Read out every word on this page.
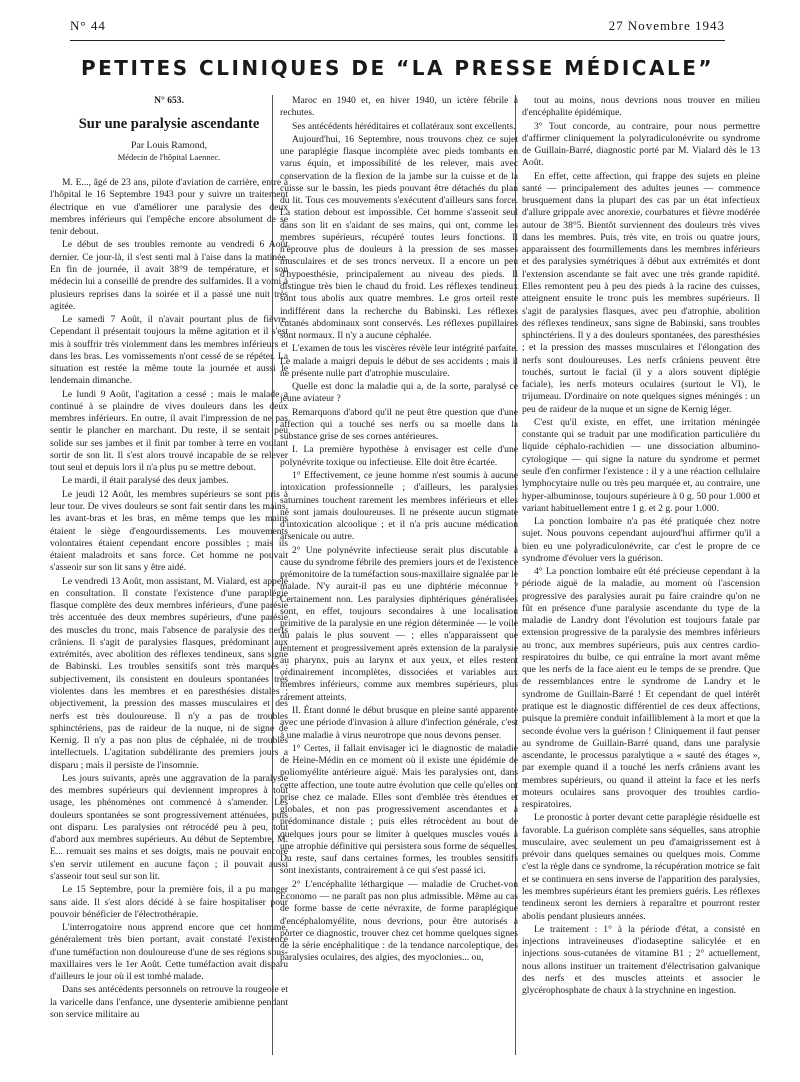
N° 44	27 Novembre 1943
PETITES CLINIQUES DE “LA PRESSE MÉDICALE”
N° 653.
Sur une paralysie ascendante
Par Louis Ramond,
Médecin de l'hôpital Laennec.

M. E..., âgé de 23 ans, pilote d'aviation de carrière, entre à l'hôpital le 16 Septembre 1943 pour y suivre un traitement électrique en vue d'améliorer une paralysie des deux membres inférieurs qui l'empêche encore absolument de se tenir debout.

Le début de ses troubles remonte au vendredi 6 Août dernier. Ce jour-là, il s'est senti mal à l'aise dans la matinée. En fin de journée, il avait 38°9 de température, et son médecin lui a conseillé de prendre des sulfamides. Il a vomi à plusieurs reprises dans la soirée et il a passé une nuit très agitée.

Le samedi 7 Août, il n'avait pourtant plus de fièvre. Cependant il présentait toujours la même agitation et il s'est mis à souffrir très violemment dans les membres inférieurs et dans les bras. Les vomissements n'ont cessé de se répéter. La situation est restée la même toute la journée et aussi le lendemain dimanche.

Le lundi 9 Août, l'agitation a cessé ; mais le malade a continué à se plaindre de vives douleurs dans les deux membres inférieurs. En outre, il avait l'impression de ne pas sentir le plancher en marchant. Du reste, il se sentait peu solide sur ses jambes et il finit par tomber à terre en voulant sortir de son lit. Il s'est alors trouvé incapable de se relever tout seul et depuis lors il n'a plus pu se mettre debout.

Le mardi, il était paralysé des deux jambes.

Le jeudi 12 Août, les membres supérieurs se sont pris à leur tour. De vives douleurs se sont fait sentir dans les mains, les avant-bras et les bras, en même temps que les mains étaient le siège d'engourdissements. Les mouvements volontaires étaient cependant encore possibles ; mais ils étaient maladroits et sans force. Cet homme ne pouvait s'asseoir sur son lit sans y être aidé.

Le vendredi 13 Août, mon assistant, M. Vialard, est appelé en consultation. Il constate l'existence d'une paraplégie flasque complète des deux membres inférieurs, d'une parésie très accentuée des deux membres supérieurs, d'une parésie des muscles du tronc, mais l'absence de paralysie des nerfs crâniens. Il s'agit de paralysies flasques, prédominant aux extrémités, avec abolition des réflexes tendineux, sans signe de Babinski. Les troubles sensitifs sont très marqués : subjectivement, ils consistent en douleurs spontanées très violentes dans les membres et en paresthésies distales ; objectivement, la pression des masses musculaires et des nerfs est très douloureuse. Il n'y a pas de troubles sphinctériens, pas de raideur de la nuque, ni de signe de Kernig. Il n'y a pas non plus de céphalée, ni de troubles intellectuels. L'agitation subdélirante des premiers jours a disparu ; mais il persiste de l'insomnie.

Les jours suivants, après une aggravation de la paralysie des membres supérieurs qui deviennent impropres à tout usage, les phénomènes ont commencé à s'amender. Les douleurs spontanées se sont progressivement atténuées, puis ont disparu. Les paralysies ont rétrocédé peu à peu, tout d'abord aux membres supérieurs. Au début de Septembre, M. E... remuait ses mains et ses doigts, mais ne pouvait encore s'en servir utilement en aucune façon ; il pouvait aussi s'asseoir tout seul sur son lit.

Le 15 Septembre, pour la première fois, il a pu manger sans aide. Il s'est alors décidé à se faire hospitaliser pour pouvoir bénéficier de l'électrothérapie.

L'interrogatoire nous apprend encore que cet homme, généralement très bien portant, avait constaté l'existence d'une tuméfaction non douloureuse d'une de ses régions sous-maxillaires vers le 1er Août. Cette tuméfaction avait disparu d'ailleurs le jour où il est tombé malade.

Dans ses antécédents personnels on retrouve la rougeole et la varicelle dans l'enfance, une dysenterie amibienne pendant son service militaire au

Maroc en 1940 et, en hiver 1940, un ictère fébrile à rechutes.

Ses antécédents héréditaires et collatéraux sont excellents.

Aujourd'hui, 16 Septembre, nous trouvons chez ce sujet une paraplégie flasque incomplète avec pieds tombants en varus équin, et impossibilité de les relever, mais avec conservation de la flexion de la jambe sur la cuisse et de la cuisse sur le bassin, les pieds pouvant être détachés du plan du lit. Tous ces mouvements s'exécutent d'ailleurs sans force. La station debout est impossible. Cet homme s'asseoit seul dans son lit en s'aidant de ses mains, qui ont, comme les membres supérieurs, récupéré toutes leurs fonctions. Il n'éprouve plus de douleurs à la pression de ses masses musculaires et de ses troncs nerveux. Il a encore un peu d'hypoesthésie, principalement au niveau des pieds. Il distingue très bien le chaud du froid. Les réflexes tendineux sont tous abolis aux quatre membres. Le gros orteil reste indifférent dans la recherche du Babinski. Les réflexes cutanés abdominaux sont conservés. Les réflexes pupillaires sont normaux. Il n'y a aucune céphalée.

L'examen de tous les viscères révèle leur intégrité parfaite. Le malade a maigri depuis le début de ses accidents ; mais il ne présente nulle part d'atrophie musculaire.

Quelle est donc la maladie qui a, de la sorte, paralysé ce jeune aviateur ?

Remarquons d'abord qu'il ne peut être question que d'une affection qui a touché ses nerfs ou sa moelle dans la substance grise de ses cornes antérieures.

I. La première hypothèse à envisager est celle d'une polynévrite toxique ou infectieuse. Elle doit être écartée.

1° Effectivement, ce jeune homme n'est soumis à aucune intoxication professionnelle ; d'ailleurs, les paralysies saturnines touchent rarement les membres inférieurs et elles ne sont jamais douloureuses. Il ne présente aucun stigmate d'intoxication alcoolique ; et il n'a pris aucune médication arsenicale ou autre.

2° Une polynévrite infectieuse serait plus discutable à cause du syndrome fébrile des premiers jours et de l'existence prémonitoire de la tuméfaction sous-maxillaire signalée par le malade. N'y aurait-il pas eu une diphtérie méconnue ? Certainement non. Les paralysies diphtériques généralisées sont, en effet, toujours secondaires à une localisation primitive de la paralysie en une région déterminée — le voile du palais le plus souvent — ; elles n'apparaissent que lentement et progressivement après extension de la paralysie au pharynx, puis au larynx et aux yeux, et elles restent ordinairement incomplètes, dissociées et variables aux membres inférieurs, comme aux membres supérieurs, plus rarement atteints.

II. Étant donné le début brusque en pleine santé apparente avec une période d'invasion à allure d'infection générale, c'est à une maladie à virus neurotrope que nous devons penser.

1° Certes, il fallait envisager ici le diagnostic de maladie de Heine-Médin en ce moment où il existe une épidémie de poliomyélite antérieure aiguë. Mais les paralysies ont, dans cette affection, une toute autre évolution que celle qu'elles ont prise chez ce malade. Elles sont d'emblée très étendues et globales, et non pas progressivement ascendantes et à prédominance distale ; puis elles rétrocèdent au bout de quelques jours pour se limiter à quelques muscles voués à une atrophie définitive qui persistera sous forme de séquelles. Du reste, sauf dans certaines formes, les troubles sensitifs sont inexistants, contrairement à ce qui s'est passé ici.

2° L'encéphalite léthargique — maladie de Cruchet-von Economo — ne paraît pas non plus admissible. Même au cas de forme basse de cette névraxite, de forme paraplégique d'encéphalomyélite, nous devrions, pour être autorisés à porter ce diagnostic, trouver chez cet homme quelques signes de la série encéphalitique : de la tendance narcoleptique, des paralysies oculaires, des algies, des myoclonies... ou,

tout au moins, nous devrions nous trouver en milieu d'encéphalite épidémique.

3° Tout concorde, au contraire, pour nous permettre d'affirmer cliniquement la polyradiculonévrite ou syndrome de Guillain-Barré, diagnostic porté par M. Vialard dès le 13 Août.

En effet, cette affection, qui frappe des sujets en pleine santé — principalement des adultes jeunes — commence brusquement dans la plupart des cas par un état infectieux d'allure grippale avec anorexie, courbatures et fièvre modérée autour de 38°5. Bientôt surviennent des douleurs très vives dans les membres. Puis, très vite, en trois ou quatre jours, apparaissent des fourmillements dans les membres inférieurs et des paralysies symétriques à début aux extrémités et dont l'extension ascendante se fait avec une très grande rapidité. Elles remontent peu à peu des pieds à la racine des cuisses, atteignent ensuite le tronc puis les membres supérieurs. Il s'agit de paralysies flasques, avec peu d'atrophie, abolition des réflexes tendineux, sans signe de Babinski, sans troubles sphinctériens. Il y a des douleurs spontanées, des paresthésies ; et la pression des masses musculaires et l'élongation des nerfs sont douloureuses. Les nerfs crâniens peuvent être touchés, surtout le facial (il y a alors souvent diplégie faciale), les nerfs moteurs oculaires (surtout le VI), le trijumeau. D'ordinaire on note quelques signes méningés : un peu de raideur de la nuque et un signe de Kernig léger.

C'est qu'il existe, en effet, une irritation méningée constante qui se traduit par une modification particulière du liquide céphalo-rachidien — une dissociation albumino-cytologique — qui signe la nature du syndrome et permet seule d'en confirmer l'existence : il y a une réaction cellulaire lymphocytaire nulle ou très peu marquée et, au contraire, une hyper-albuminose, toujours supérieure à 0 g. 50 pour 1.000 et variant habituellement entre 1 g. et 2 g. pour 1.000.

La ponction lombaire n'a pas été pratiquée chez notre sujet. Nous pouvons cependant aujourd'hui affirmer qu'il a bien eu une polyradiculonévrite, car c'est le propre de ce syndrome d'évoluer vers la guérison.

4° La ponction lombaire eût été précieuse cependant à la période aiguë de la maladie, au moment où l'ascension progressive des paralysies aurait pu faire craindre qu'on ne fût en présence d'une paralysie ascendante du type de la maladie de Landry dont l'évolution est toujours fatale par extension progressive de la paralysie des membres inférieurs au tronc, aux membres supérieurs, puis aux centres cardio-respiratoires du bulbe, ce qui entraîne la mort avant même que les nerfs de la face aient eu le temps de se prendre. Que de ressemblances entre le syndrome de Landry et le syndrome de Guillain-Barré ! Et cependant de quel intérêt pratique est le diagnostic différentiel de ces deux affections, puisque la première conduit infailliblement à la mort et que la seconde évolue vers la guérison ! Cliniquement il faut penser au syndrome de Guillain-Barré quand, dans une paralysie ascendante, le processus paralytique a « sauté des étages », par exemple quand il a touché les nerfs crâniens avant les membres supérieurs, ou quand il atteint la face et les nerfs moteurs oculaires sans provoquer des troubles cardio-respiratoires.

Le pronostic à porter devant cette paraplégie résiduelle est favorable. La guérison complète sans séquelles, sans atrophie musculaire, avec seulement un peu d'amaigrissement est à prévoir dans quelques semaines ou quelques mois. Comme c'est la règle dans ce syndrome, la récupération motrice se fait et se continuera en sens inverse de l'apparition des paralysies, les membres supérieurs étant les premiers guéris. Les réflexes tendineux seront les derniers à reparaître et pourront rester abolis pendant plusieurs années.

Le traitement : 1° à la période d'état, a consisté en injections intraveineuses d'iodaseptine salicylée et en injections sous-cutanées de vitamine B1 ; 2° actuellement, nous allons instituer un traitement d'électrisation galvanique des nerfs et des muscles atteints et associer le glycérophosphate de chaux à la strychnine en ingestion.
